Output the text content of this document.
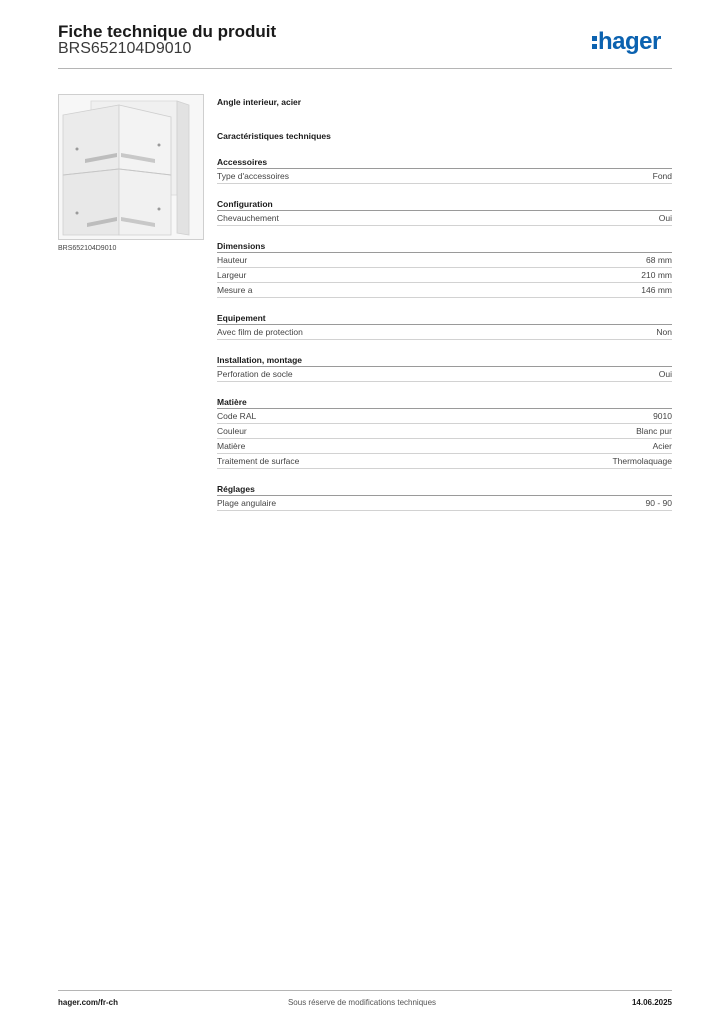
Fiche technique du produit
BRS652104D9010	hager
BRS652104D9010
Angle interieur, acier
Caractéristiques techniques
Accessoires
Type d'accessoires	Fond
Configuration
Chevauchement	Oui
Dimensions
Hauteur	68 mm
Largeur	210 mm
Mesure a	146 mm
Equipement
Avec film de protection	Non
Installation, montage
Perforation de socle	Oui
Matière
Code RAL	9010
Couleur	Blanc pur
Matière	Acier
Traitement de surface	Thermolaquage
Réglages
Plage angulaire	90 - 90
hager.com/fr-ch	Sous réserve de modifications techniques	14.06.2025
